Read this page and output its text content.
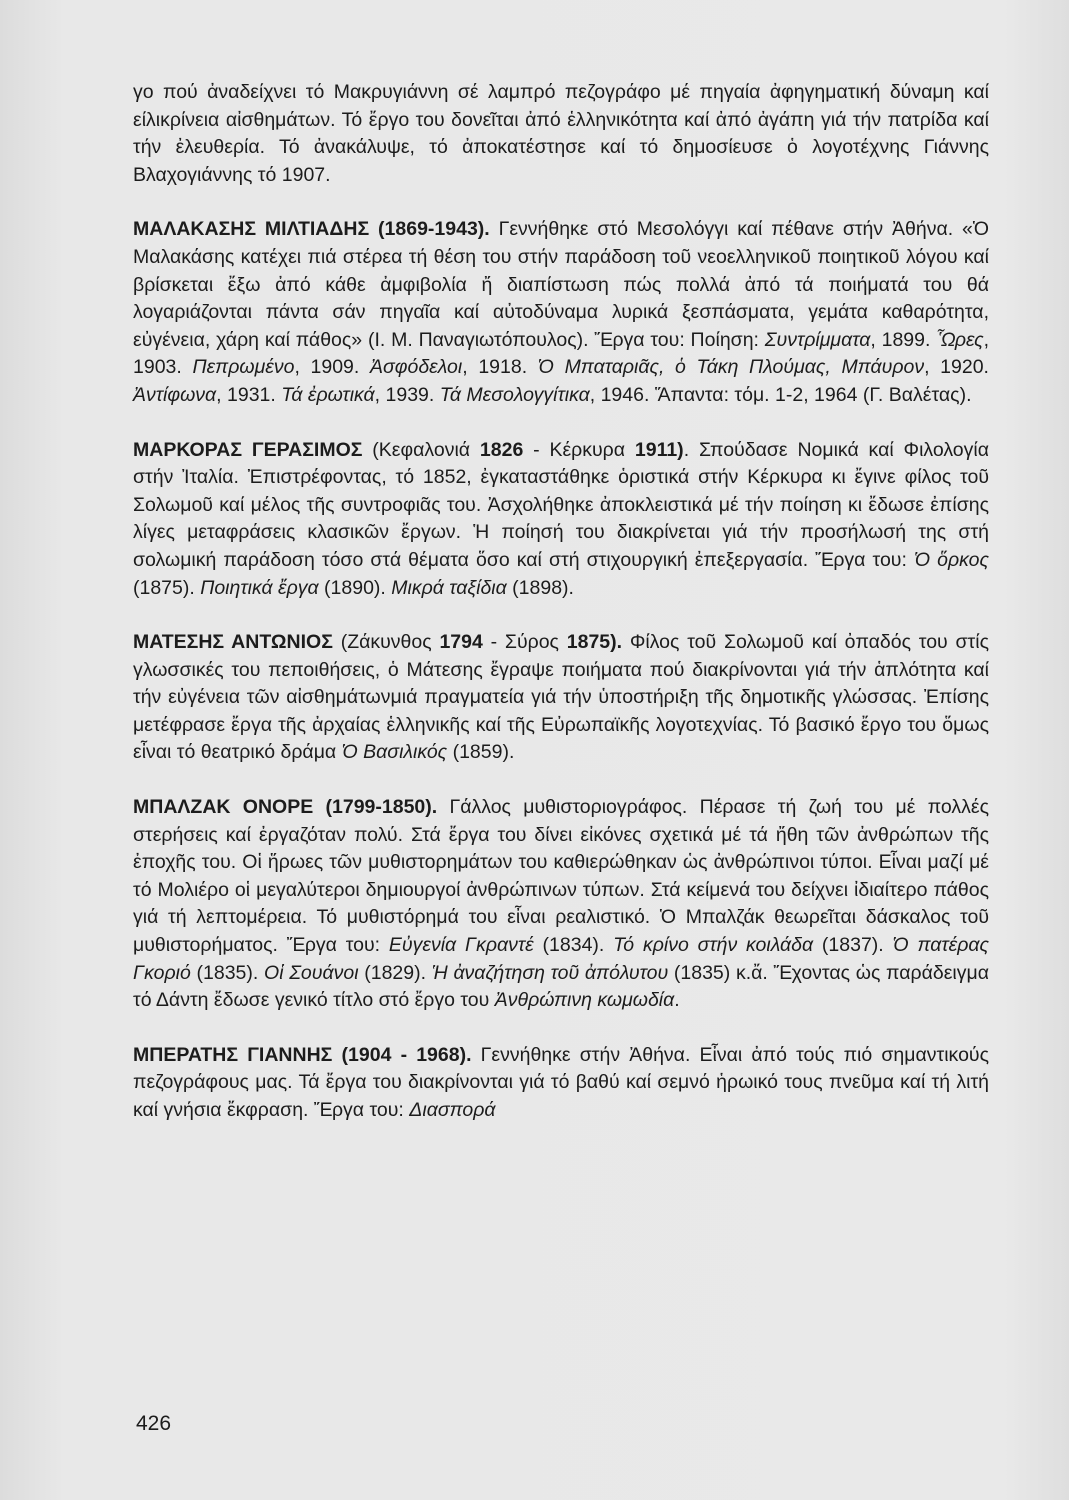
γο πού ἀναδείχνει τό Μακρυγιάννη σέ λαμπρό πεζογράφο μέ πηγαία ἀφηγηματική δύναμη καί είλικρίνεια αἰσθημάτων. Τό ἔργο του δονεῖται ἀπό ἑλληνικότητα καί ἀπό ἀγάπη γιά τήν πατρίδα καί τήν ἐλευθερία. Τό ἀνακάλυψε, τό ἀποκατέστησε καί τό δημοσίευσε ὁ λογοτέχνης Γιάννης Βλαχογιάννης τό 1907.

ΜΑΛΑΚΑΣΗΣ ΜΙΛΤΙΑΔΗΣ (1869-1943). Γεννήθηκε στό Μεσολόγγι καί πέθανε στήν Ἀθήνα. «Ὁ Μαλακάσης κατέχει πιά στέρεα τή θέση του στήν παράδοση τοῦ νεοελληνικοῦ ποιητικοῦ λόγου καί βρίσκεται ἔξω ἀπό κάθε ἀμφιβολία ἤ διαπίστωση πώς πολλά ἀπό τά ποιήματά του θά λογαριάζονται πάντα σάν πηγαῖα καί αὐτοδύναμα λυρικά ξεσπάσματα, γεμάτα καθαρότητα, εὐγένεια, χάρη καί πάθος» (Ι. Μ. Παναγιωτόπουλος). Ἔργα του: Ποίηση: Συντρίμματα, 1899. Ὧρες, 1903. Πεπρωμένο, 1909. Ἀσφόδελοι, 1918. Ὁ Μπαταριᾶς, ὁ Τάκη Πλούμας, Μπάυρον, 1920. Ἀντίφωνα, 1931. Τά ἐρωτικά, 1939. Τά Μεσολογγίτικα, 1946. Ἅπαντα: τόμ. 1-2, 1964 (Γ. Βαλέτας).

ΜΑΡΚΟΡΑΣ ΓΕΡΑΣΙΜΟΣ (Κεφαλονιά 1826 - Κέρκυρα 1911). Σπούδασε Νομικά καί Φιλολογία στήν Ἰταλία. Ἐπιστρέφοντας, τό 1852, ἐγκαταστάθηκε ὁριστικά στήν Κέρκυρα κι ἔγινε φίλος τοῦ Σολωμοῦ καί μέλος τῆς συντροφιᾶς του. Ἀσχολήθηκε ἀποκλειστικά μέ τήν ποίηση κι ἔδωσε ἐπίσης λίγες μεταφράσεις κλασικῶν ἔργων. Ἡ ποίησή του διακρίνεται γιά τήν προσήλωσή της στή σολωμική παράδοση τόσο στά θέματα ὅσο καί στή στιχουργική ἐπεξεργασία. Ἔργα του: Ὁ ὅρκος (1875). Ποιητικά ἔργα (1890). Μικρά ταξίδια (1898).

ΜΑΤΕΣΗΣ ΑΝΤΩΝΙΟΣ (Ζάκυνθος 1794 - Σύρος 1875). Φίλος τοῦ Σολωμοῦ καί ὀπαδός του στίς γλωσσικές του πεποιθήσεις, ὁ Μάτεσης ἔγραψε ποιήματα πού διακρίνονται γιά τήν ἁπλότητα καί τήν εὐγένεια τῶν αἰσθημάτωνμιά πραγματεία γιά τήν ὑποστήριξη τῆς δημοτικῆς γλώσσας. Ἐπίσης μετέφρασε ἔργα τῆς ἀρχαίας ἑλληνικῆς καί τῆς Εὐρωπαϊκῆς λογοτεχνίας. Τό βασικό ἔργο του ὅμως εἶναι τό θεατρικό δράμα Ὁ Βασιλικός (1859).

ΜΠΑΛΖΑΚ ΟΝΟΡΕ (1799-1850). Γάλλος μυθιστοριογράφος. Πέρασε τή ζωή του μέ πολλές στερήσεις καί ἐργαζόταν πολύ. Στά ἔργα του δίνει εἰκόνες σχετικά μέ τά ἤθη τῶν ἀνθρώπων τῆς ἐποχῆς του. Οἱ ἥρωες τῶν μυθιστορημάτων του καθιερώθηκαν ὡς ἀνθρώπινοι τύποι. Εἶναι μαζί μέ τό Μολιέρο οἱ μεγαλύτεροι δημιουργοί ἀνθρώπινων τύπων. Στά κείμενά του δείχνει ἰδιαίτερο πάθος γιά τή λεπτομέρεια. Τό μυθιστόρημά του εἶναι ρεαλιστικό. Ὁ Μπαλζάκ θεωρεῖται δάσκαλος τοῦ μυθιστορήματος. Ἔργα του: Εὐγενία Γκραντέ (1834). Τό κρίνο στήν κοιλάδα (1837). Ὁ πατέρας Γκοριό (1835). Οἱ Σουάνοι (1829). Ἡ ἀναζήτηση τοῦ ἀπόλυτου (1835) κ.ἄ. Ἔχοντας ὡς παράδειγμα τό Δάντη ἔδωσε γενικό τίτλο στό ἔργο του Ἀνθρώπινη κωμωδία.

ΜΠΕΡΑΤΗΣ ΓΙΑΝΝΗΣ (1904 - 1968). Γεννήθηκε στήν Ἀθήνα. Εἶναι ἀπό τούς πιό σημαντικούς πεζογράφους μας. Τά ἔργα του διακρίνονται γιά τό βαθύ καί σεμνό ἡρωικό τους πνεῦμα καί τή λιτή καί γνήσια ἔκφραση. Ἔργα του: Διασπορά

426
